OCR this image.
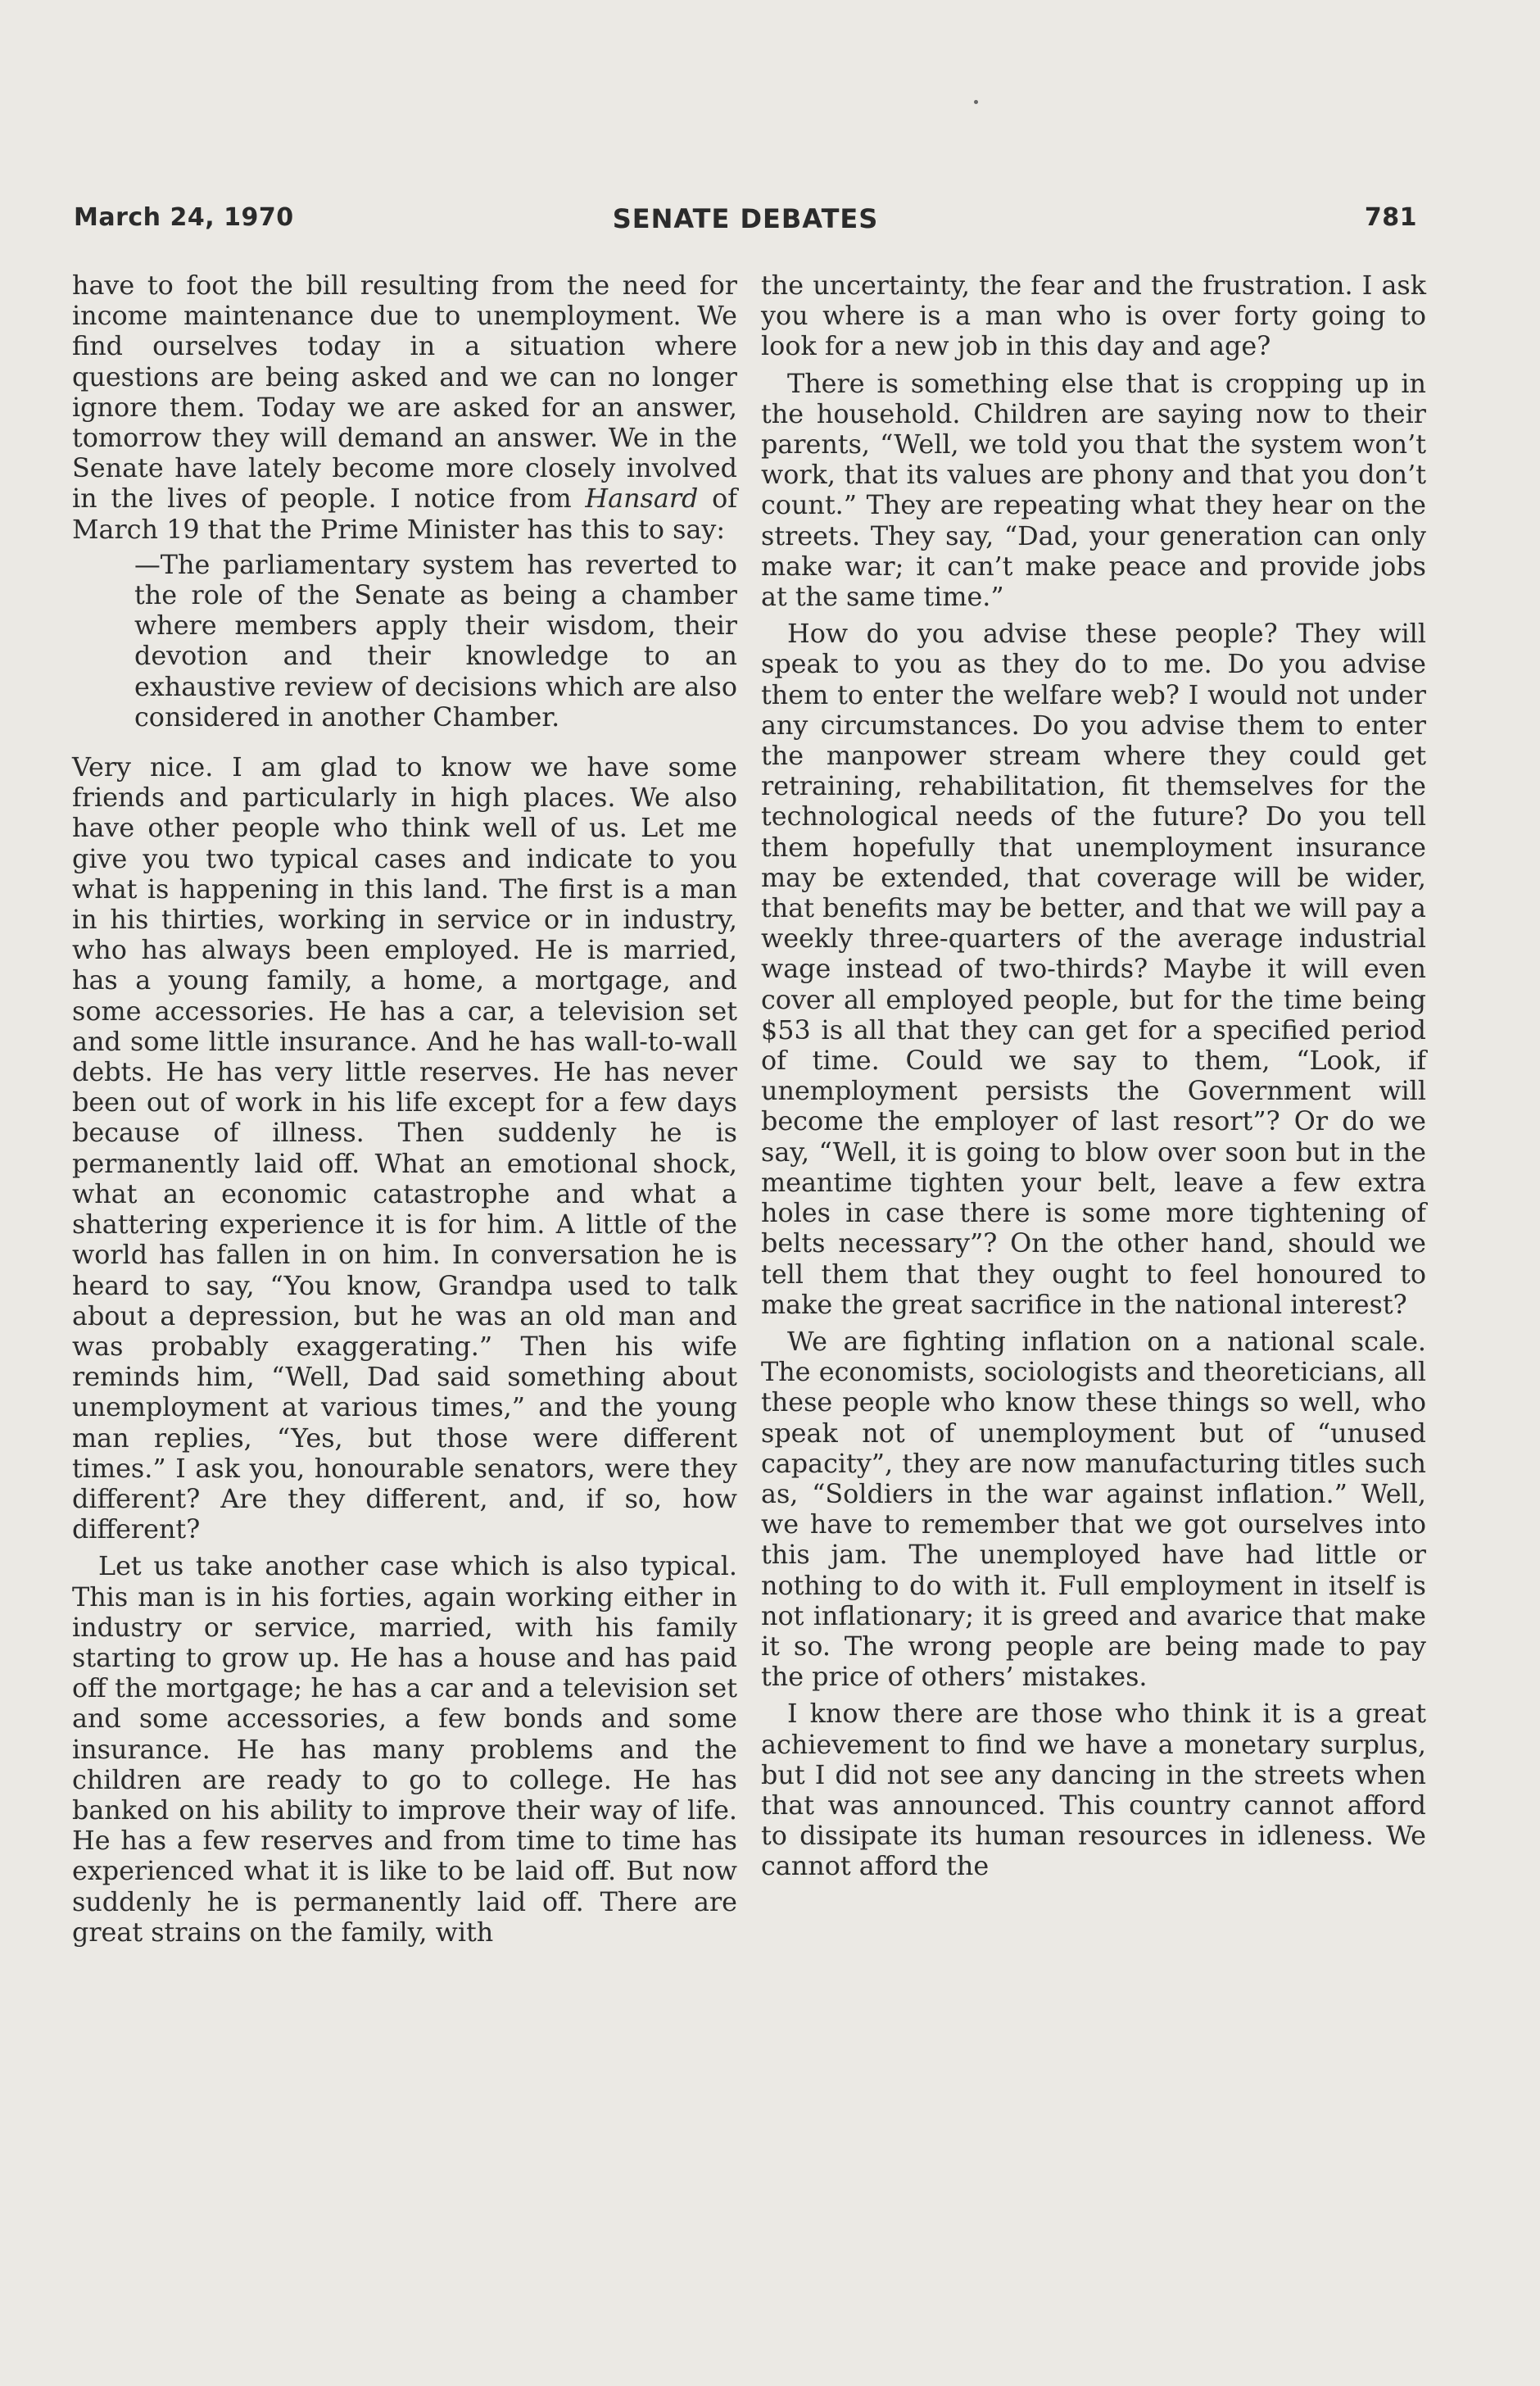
March 24, 1970	SENATE DEBATES	781

have to foot the bill resulting from the need for income maintenance due to unemployment. We find ourselves today in a situation where questions are being asked and we can no longer ignore them. Today we are asked for an answer, tomorrow they will demand an answer. We in the Senate have lately become more closely involved in the lives of people. I notice from Hansard of March 19 that the Prime Minister has this to say:

—The parliamentary system has reverted to the role of the Senate as being a chamber where members apply their wisdom, their devotion and their knowledge to an exhaustive review of decisions which are also considered in another Chamber.

Very nice. I am glad to know we have some friends and particularly in high places. We also have other people who think well of us. Let me give you two typical cases and indicate to you what is happening in this land. The first is a man in his thirties, working in service or in industry, who has always been employed. He is married, has a young family, a home, a mortgage, and some accessories. He has a car, a television set and some little insurance. And he has wall-to-wall debts. He has very little reserves. He has never been out of work in his life except for a few days because of illness. Then suddenly he is permanently laid off. What an emotional shock, what an economic catastrophe and what a shattering experience it is for him. A little of the world has fallen in on him. In conversation he is heard to say, “You know, Grandpa used to talk about a depression, but he was an old man and was probably exaggerating.” Then his wife reminds him, “Well, Dad said something about unemployment at various times,” and the young man replies, “Yes, but those were different times.” I ask you, honourable senators, were they different? Are they different, and, if so, how different?

Let us take another case which is also typical. This man is in his forties, again working either in industry or service, married, with his family starting to grow up. He has a house and has paid off the mortgage; he has a car and a television set and some accessories, a few bonds and some insurance. He has many problems and the children are ready to go to college. He has banked on his ability to improve their way of life. He has a few reserves and from time to time has experienced what it is like to be laid off. But now suddenly he is permanently laid off. There are great strains on the family, with

the uncertainty, the fear and the frustration. I ask you where is a man who is over forty going to look for a new job in this day and age?

There is something else that is cropping up in the household. Children are saying now to their parents, “Well, we told you that the system won’t work, that its values are phony and that you don’t count.” They are repeating what they hear on the streets. They say, “Dad, your generation can only make war; it can’t make peace and provide jobs at the same time.”

How do you advise these people? They will speak to you as they do to me. Do you advise them to enter the welfare web? I would not under any circumstances. Do you advise them to enter the manpower stream where they could get retraining, rehabilitation, fit themselves for the technological needs of the future? Do you tell them hopefully that unemployment insurance may be extended, that coverage will be wider, that benefits may be better, and that we will pay a weekly three-quarters of the average industrial wage instead of two-thirds? Maybe it will even cover all employed people, but for the time being $53 is all that they can get for a specified period of time. Could we say to them, “Look, if unemployment persists the Government will become the employer of last resort”? Or do we say, “Well, it is going to blow over soon but in the meantime tighten your belt, leave a few extra holes in case there is some more tightening of belts necessary”? On the other hand, should we tell them that they ought to feel honoured to make the great sacrifice in the national interest?

We are fighting inflation on a national scale. The economists, sociologists and theoreticians, all these people who know these things so well, who speak not of unemployment but of “unused capacity”, they are now manufacturing titles such as, “Soldiers in the war against inflation.” Well, we have to remember that we got ourselves into this jam. The unemployed have had little or nothing to do with it. Full employment in itself is not inflationary; it is greed and avarice that make it so. The wrong people are being made to pay the price of others’ mistakes.

I know there are those who think it is a great achievement to find we have a monetary surplus, but I did not see any dancing in the streets when that was announced. This country cannot afford to dissipate its human resources in idleness. We cannot afford the
